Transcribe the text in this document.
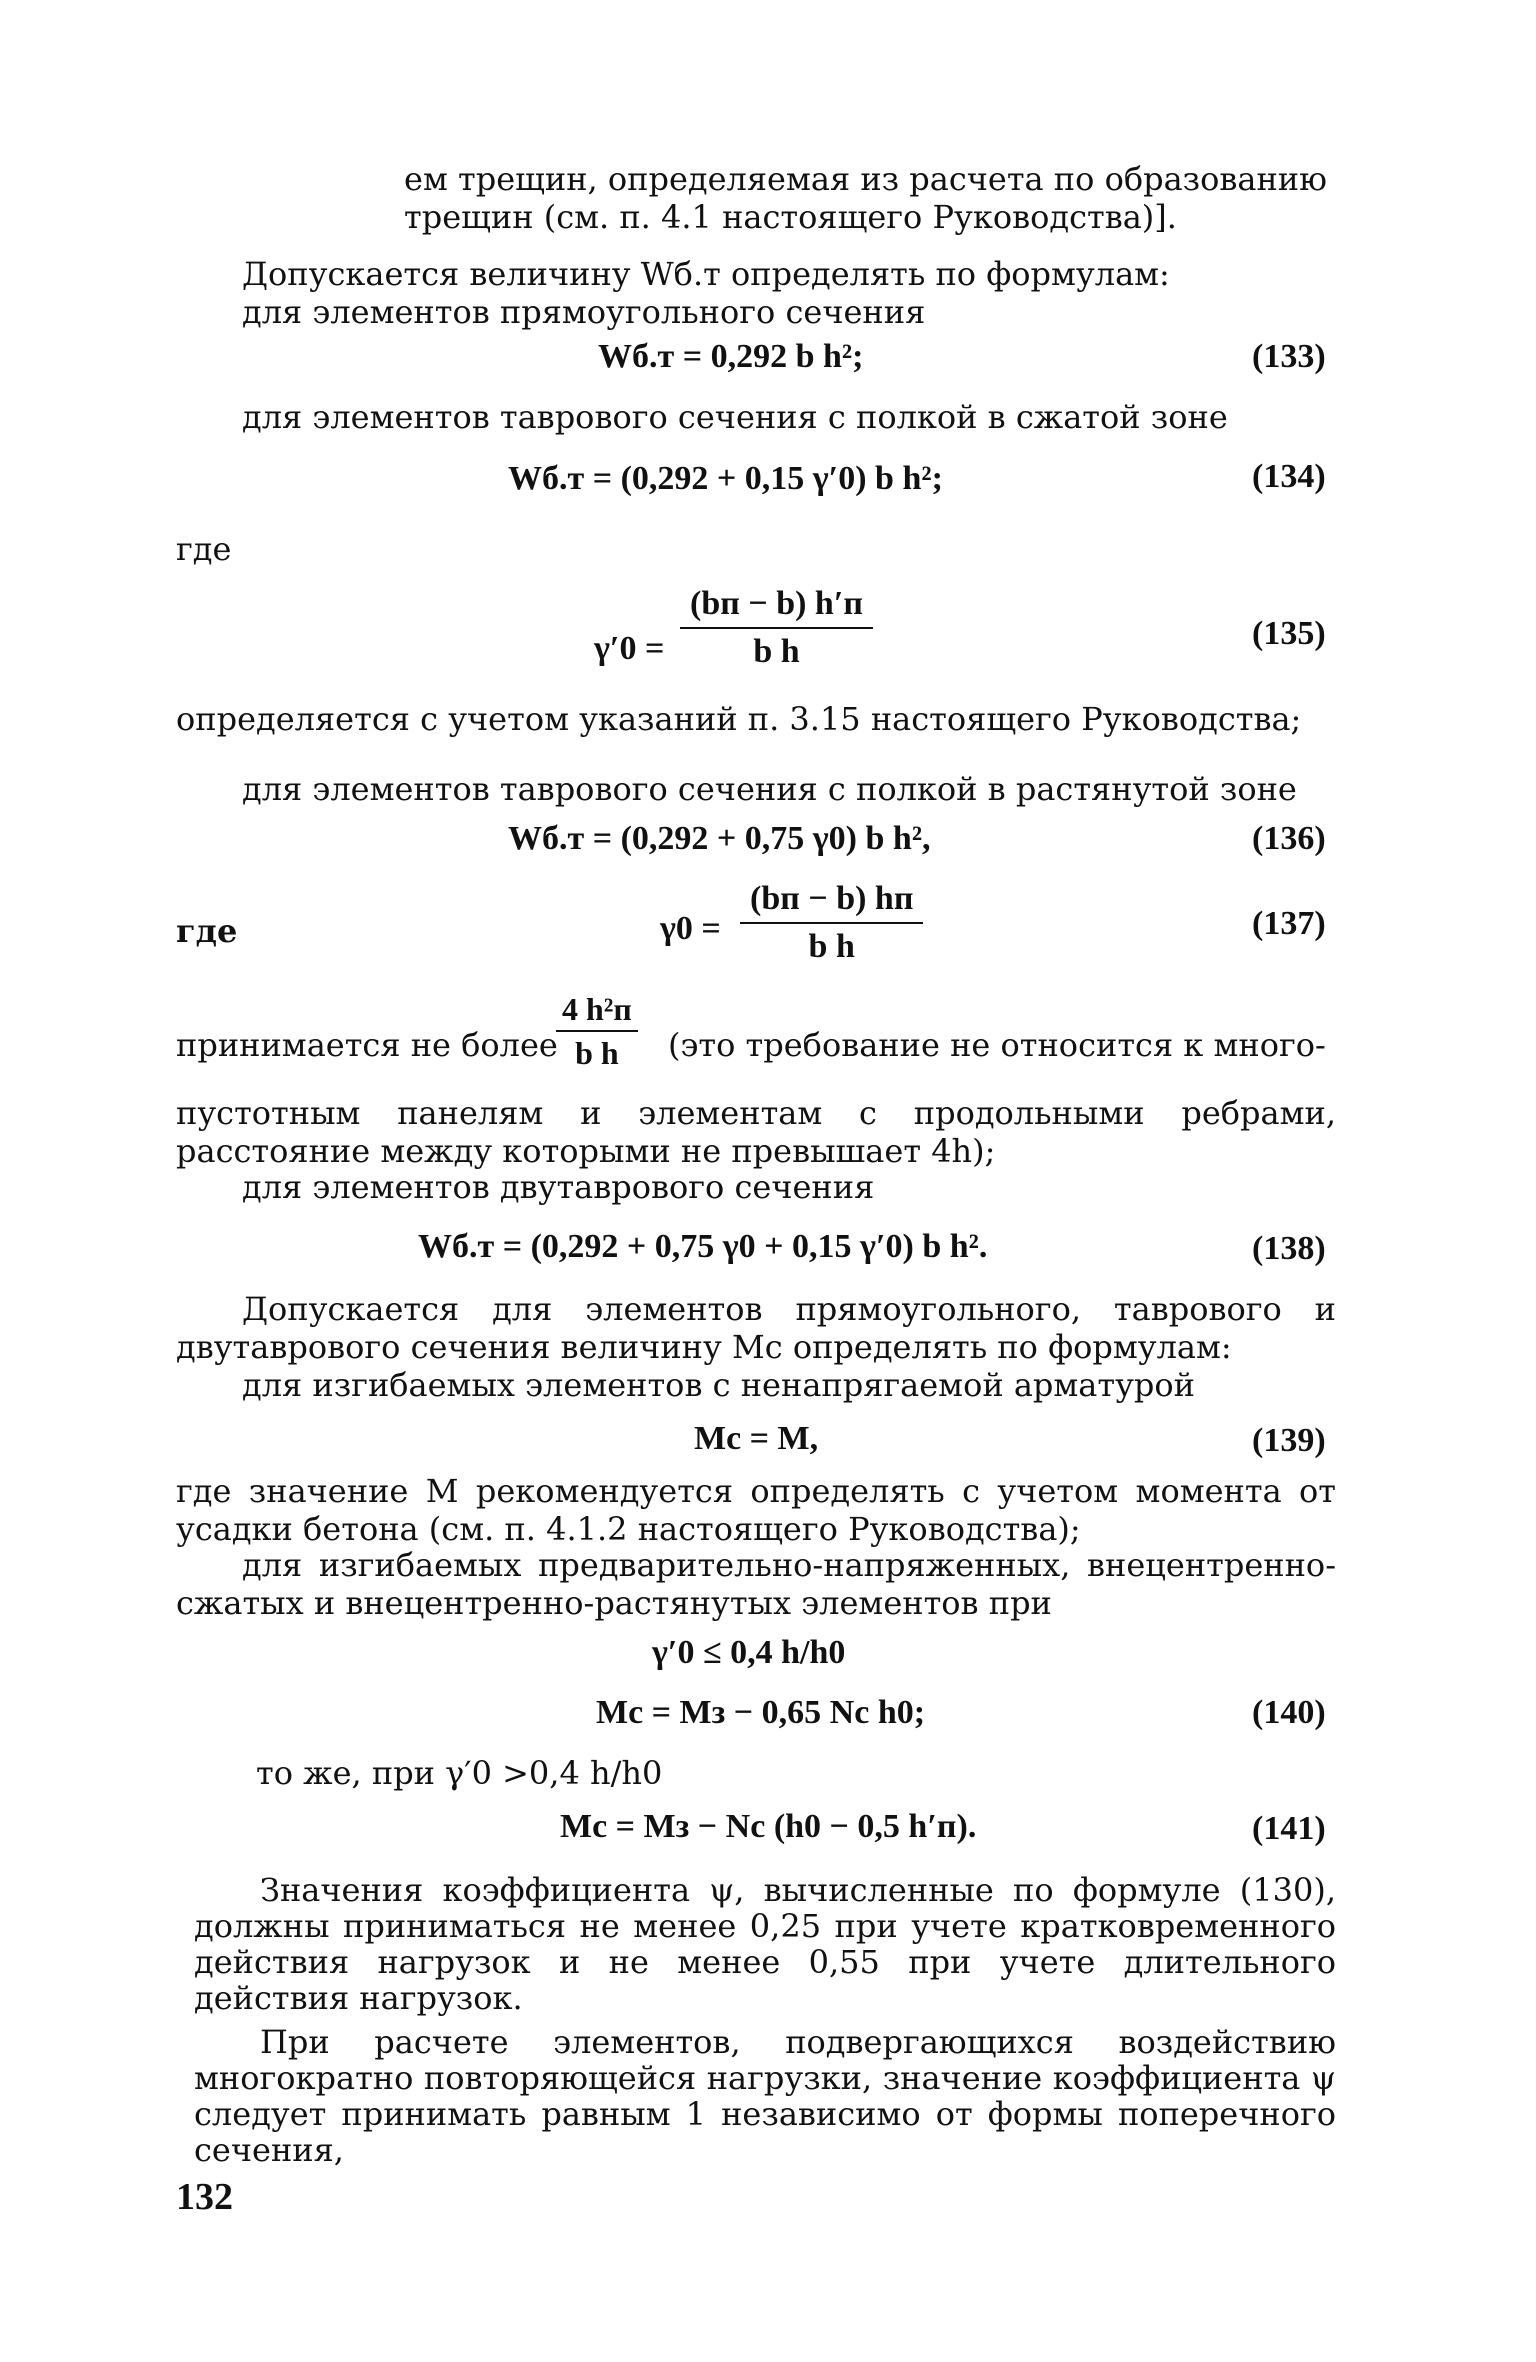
ем трещин, определяемая из расчета по образованию трещин (см. п. 4.1 настоящего Руководства)].

Допускается величину Wб.т определять по формулам:

для элементов прямоугольного сечения

Wб.т = 0,292 b h²;	(133)

для элементов таврового сечения с полкой в сжатой зоне

Wб.т = (0,292 + 0,15 γ′0) b h²;	(134)
где
γ′0 =
(bп − b) h′п
b h	(135)

определяется с учетом указаний п. 3.15 настоящего Руководства;

для элементов таврового сечения с полкой в растянутой зоне

Wб.т = (0,292 + 0,75 γ0) b h²,	(136)
где	γ0 =
(bп − b) hп
b h
(137)
принимается не более
4 h²п
b h (это требование не относится к много-

пустотным панелям и элементам с продольными ребрами, расстояние между которыми не превышает 4h);

для элементов двутаврового сечения

Wб.т = (0,292 + 0,75 γ0 + 0,15 γ′0) b h².	(138)

Допускается для элементов прямоугольного, таврового и двутаврового сечения величину Mc определять по формулам:

для изгибаемых элементов с ненапрягаемой арматурой

Mc = M,	(139)

где значение M рекомендуется определять с учетом момента от усадки бетона (см. п. 4.1.2 настоящего Руководства);

для изгибаемых предварительно-напряженных, внецентренно-сжатых и внецентренно-растянутых элементов при

γ′0 ≤ 0,4 h/h0
Mc = Mз − 0,65 Nc h0;	(140)
то же, при γ′0 >0,4 h/h0
Mc = Mз − Nc (h0 − 0,5 h′п).	(141)

Значения коэффициента ψ, вычисленные по формуле (130), должны приниматься не менее 0,25 при учете кратковременного действия нагрузок и не менее 0,55 при учете длительного действия нагрузок.

При расчете элементов, подвергающихся воздействию многократно повторяющейся нагрузки, значение коэффициента ψ следует принимать равным 1 независимо от формы поперечного сечения,

132
